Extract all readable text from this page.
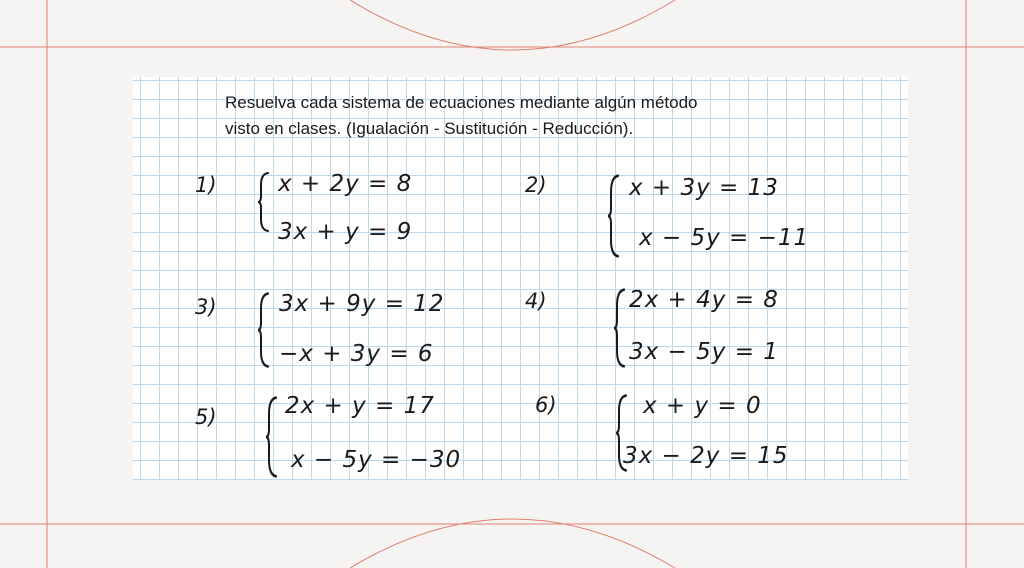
Resuelva cada sistema de ecuaciones mediante algún método
visto en clases. (Igualación - Sustitución - Reducción).
1)	x + 2y = 8
3x + y = 9
2)	x + 3y = 13
x − 5y = −11
3)	3x + 9y = 12
−x + 3y = 6
4)	2x + 4y = 8
3x − 5y = 1
5)	2x + y = 17
x − 5y = −30
6)	x + y = 0
3x − 2y = 15
